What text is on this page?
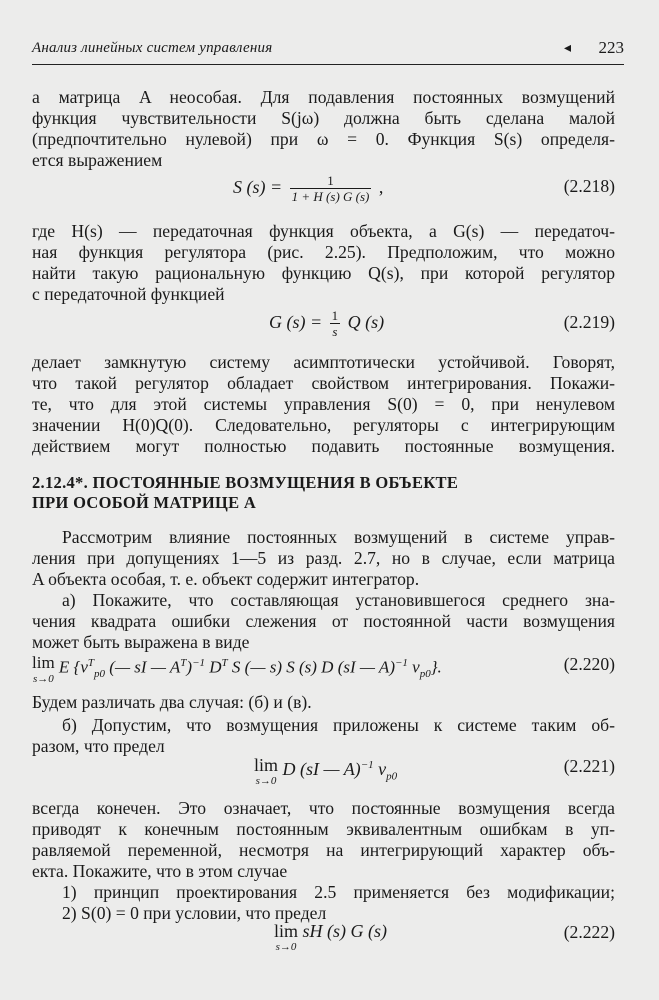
Анализ линейных систем управления	◂ 223
а матрица A неособая. Для подавления постоянных возмущений
функция чувствительности S(jω) должна быть сделана малой
(предпочтительно нулевой) при ω = 0. Функция S(s) определя-
ется выражением
S $(s) = \frac{1}{1 + H (s) G (s)}$ ,	(2.218)
где H(s) — передаточная функция объекта, а G(s) — передаточ-
ная функция регулятора (рис. 2.25). Предположим, что можно
найти такую рациональную функцию Q(s), при которой регулятор
с передаточной функцией
G $(s) = \frac{1}{s}$ Q (s)	(2.219)
делает замкнутую систему асимптотически устойчивой. Говорят,
что такой регулятор обладает свойством интегрирования. Покажи-
те, что для этой системы управления S(0) = 0, при ненулевом
значении H(0)Q(0). Следовательно, регуляторы с интегрирующим
действием могут полностью подавить постоянные возмущения.
2.12.4*. ПОСТОЯННЫЕ ВОЗМУЩЕНИЯ В ОБЪЕКТЕ
ПРИ ОСОБОЙ МАТРИЦЕ A
Рассмотрим влияние постоянных возмущений в системе управ-
ления при допущениях 1—5 из разд. 2.7, но в случае, если матрица
A объекта особая, т. е. объект содержит интегратор.
а) Покажите, что составляющая установившегося среднего зна-
чения квадрата ошибки слежения от постоянной части возмущения
может быть выражена в виде
lim
s→0
E {$v^T_{p0}$ (— sI — $A^T)^{-1}$ $D^T$ S (— s) S (s) D (sI — A)$^{-1}$ $v_{p0}$}.	(2.220)
Будем различать два случая: (б) и (в).
б) Допустим, что возмущения приложены к системе таким об-
разом, что предел
lim
s→0
D (sI — A)$^{-1}$ $v_{p0}$
(2.221)
всегда конечен. Это означает, что постоянные возмущения всегда
приводят к конечным постоянным эквивалентным ошибкам в уп-
равляемой переменной, несмотря на интегрирующий характер объ-
екта. Покажите, что в этом случае
1) принцип проектирования 2.5 применяется без модификации;
2) S(0) = 0 при условии, что предел
lim
s→0
sH (s) G (s)	(2.222)
